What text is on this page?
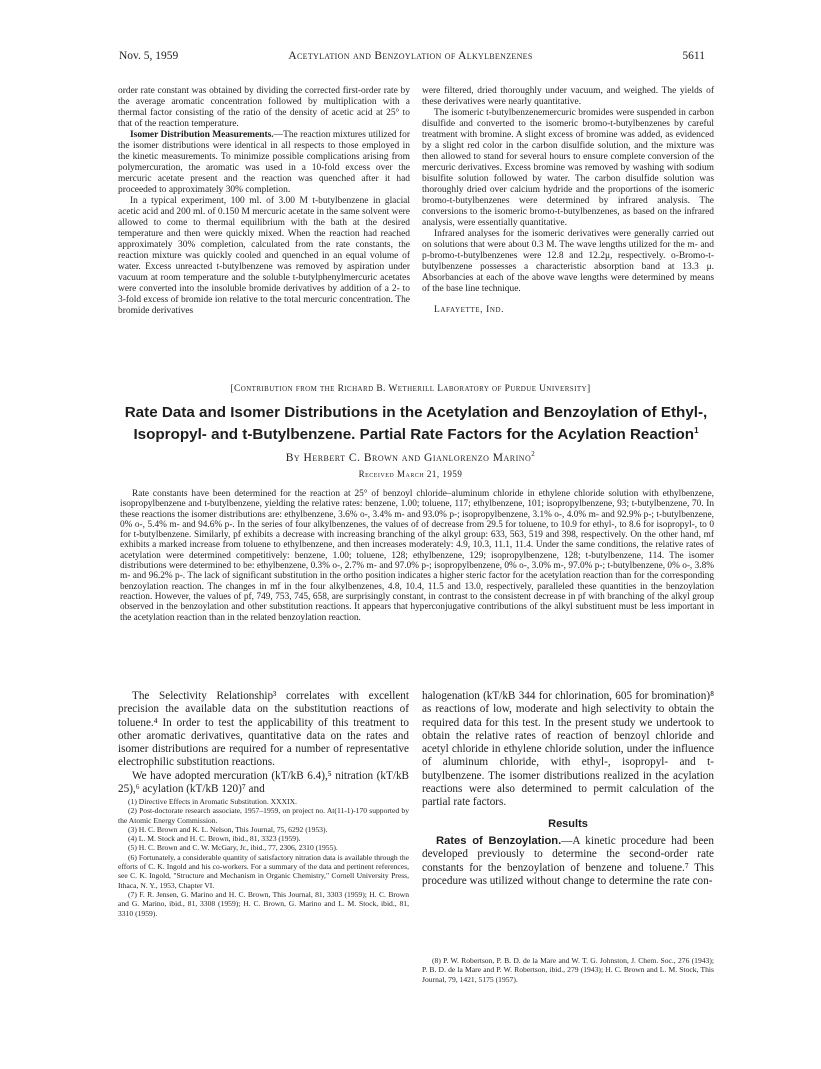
Nov. 5, 1959	Acetylation and Benzoylation of Alkylbenzenes	5611

order rate constant was obtained by dividing the corrected first-order rate by the average aromatic concentration followed by multiplication with a thermal factor consisting of the ratio of the density of acetic acid at 25° to that of the reaction temperature.

Isomer Distribution Measurements.—The reaction mixtures utilized for the isomer distributions were identical in all respects to those employed in the kinetic measurements. To minimize possible complications arising from polymercuration, the aromatic was used in a 10-fold excess over the mercuric acetate present and the reaction was quenched after it had proceeded to approximately 30% completion.

In a typical experiment, 100 ml. of 3.00 M t-butylbenzene in glacial acetic acid and 200 ml. of 0.150 M mercuric acetate in the same solvent were allowed to come to thermal equilibrium with the bath at the desired temperature and then were quickly mixed. When the reaction had reached approximately 30% completion, calculated from the rate constants, the reaction mixture was quickly cooled and quenched in an equal volume of water. Excess unreacted t-butylbenzene was removed by aspiration under vacuum at room temperature and the soluble t-butylphenylmercuric acetates were converted into the insoluble bromide derivatives by addition of a 2- to 3-fold excess of bromide ion relative to the total mercuric concentration. The bromide derivatives

were filtered, dried thoroughly under vacuum, and weighed. The yields of these derivatives were nearly quantitative.

The isomeric t-butylbenzenemercuric bromides were suspended in carbon disulfide and converted to the isomeric bromo-t-butylbenzenes by careful treatment with bromine. A slight excess of bromine was added, as evidenced by a slight red color in the carbon disulfide solution, and the mixture was then allowed to stand for several hours to ensure complete conversion of the mercuric derivatives. Excess bromine was removed by washing with sodium bisulfite solution followed by water. The carbon disulfide solution was thoroughly dried over calcium hydride and the proportions of the isomeric bromo-t-butylbenzenes were determined by infrared analysis. The conversions to the isomeric bromo-t-butylbenzenes, as based on the infrared analysis, were essentially quantitative.

Infrared analyses for the isomeric derivatives were generally carried out on solutions that were about 0.3 M. The wave lengths utilized for the m- and p-bromo-t-butylbenzenes were 12.8 and 12.2μ, respectively. o-Bromo-t-butylbenzene possesses a characteristic absorption band at 13.3 μ. Absorbancies at each of the above wave lengths were determined by means of the base line technique.

Lafayette, Ind.

[Contribution from the Richard B. Wetherill Laboratory of Purdue University]
Rate Data and Isomer Distributions in the Acetylation and Benzoylation of Ethyl-,
Isopropyl- and t-Butylbenzene. Partial Rate Factors for the Acylation Reaction$^1$
By Herbert C. Brown and Gianlorenzo Marino$^2$
Received March 21, 1959
Rate constants have been determined for the reaction at 25° of benzoyl chloride–aluminum chloride in ethylene chloride solution with ethylbenzene, isopropylbenzene and t-butylbenzene, yielding the relative rates: benzene, 1.00; toluene, 117; ethylbenzene, 101; isopropylbenzene, 93; t-butylbenzene, 70. In these reactions the isomer distributions are: ethylbenzene, 3.6% o-, 3.4% m- and 93.0% p-; isopropylbenzene, 3.1% o-, 4.0% m- and 92.9% p-; t-butylbenzene, 0% o-, 5.4% m- and 94.6% p-. In the series of four alkylbenzenes, the values of of decrease from 29.5 for toluene, to 10.9 for ethyl-, to 8.6 for isopropyl-, to 0 for t-butylbenzene. Similarly, pf exhibits a decrease with increasing branching of the alkyl group: 633, 563, 519 and 398, respectively. On the other hand, mf exhibits a marked increase from toluene to ethylbenzene, and then increases moderately: 4.9, 10.3, 11.1, 11.4. Under the same conditions, the relative rates of acetylation were determined competitively: benzene, 1.00; toluene, 128; ethylbenzene, 129; isopropylbenzene, 128; t-butylbenzene, 114. The isomer distributions were determined to be: ethylbenzene, 0.3% o-, 2.7% m- and 97.0% p-; isopropylbenzene, 0% o-, 3.0% m-, 97.0% p-; t-butylbenzene, 0% o-, 3.8% m- and 96.2% p-. The lack of significant substitution in the ortho position indicates a higher steric factor for the acetylation reaction than for the corresponding benzoylation reaction. The changes in mf in the four alkylbenzenes, 4.8, 10.4, 11.5 and 13.0, respectively, paralleled these quantities in the benzoylation reaction. However, the values of pf, 749, 753, 745, 658, are surprisingly constant, in contrast to the consistent decrease in pf with branching of the alkyl group observed in the benzoylation and other substitution reactions. It appears that hyperconjugative contributions of the alkyl substituent must be less important in the acetylation reaction than in the related benzoylation reaction.

The Selectivity Relationship³ correlates with excellent precision the available data on the substitution reactions of toluene.⁴ In order to test the applicability of this treatment to other aromatic derivatives, quantitative data on the rates and isomer distributions are required for a number of representative electrophilic substitution reactions.

We have adopted mercuration (kT/kB 6.4),⁵ nitration (kT/kB 25),⁶ acylation (kT/kB 120)⁷ and

(1) Directive Effects in Aromatic Substitution. XXXIX.

(2) Post-doctorate research associate, 1957–1959, on project no. At(11-1)-170 supported by the Atomic Energy Commission.

(3) H. C. Brown and K. L. Nelson, This Journal, 75, 6292 (1953).

(4) L. M. Stock and H. C. Brown, ibid., 81, 3323 (1959).

(5) H. C. Brown and C. W. McGary, Jr., ibid., 77, 2306, 2310 (1955).

(6) Fortunately, a considerable quantity of satisfactory nitration data is available through the efforts of C. K. Ingold and his co-workers. For a summary of the data and pertinent references, see C. K. Ingold, "Structure and Mechanism in Organic Chemistry," Cornell University Press, Ithaca, N. Y., 1953, Chapter VI.

(7) F. R. Jensen, G. Marino and H. C. Brown, This Journal, 81, 3303 (1959); H. C. Brown and G. Marino, ibid., 81, 3308 (1959); H. C. Brown, G. Marino and L. M. Stock, ibid., 81, 3310 (1959).

halogenation (kT/kB 344 for chlorination, 605 for bromination)⁸ as reactions of low, moderate and high selectivity to obtain the required data for this test. In the present study we undertook to obtain the relative rates of reaction of benzoyl chloride and acetyl chloride in ethylene chloride solution, under the influence of aluminum chloride, with ethyl-, isopropyl- and t-butylbenzene. The isomer distributions realized in the acylation reactions were also determined to permit calculation of the partial rate factors.

Results

Rates of Benzoylation.—A kinetic procedure had been developed previously to determine the second-order rate constants for the benzoylation of benzene and toluene.⁷ This procedure was utilized without change to determine the rate con-

(8) P. W. Robertson, P. B. D. de la Mare and W. T. G. Johnston, J. Chem. Soc., 276 (1943); P. B. D. de la Mare and P. W. Robertson, ibid., 279 (1943); H. C. Brown and L. M. Stock, This Journal, 79, 1421, 5175 (1957).
